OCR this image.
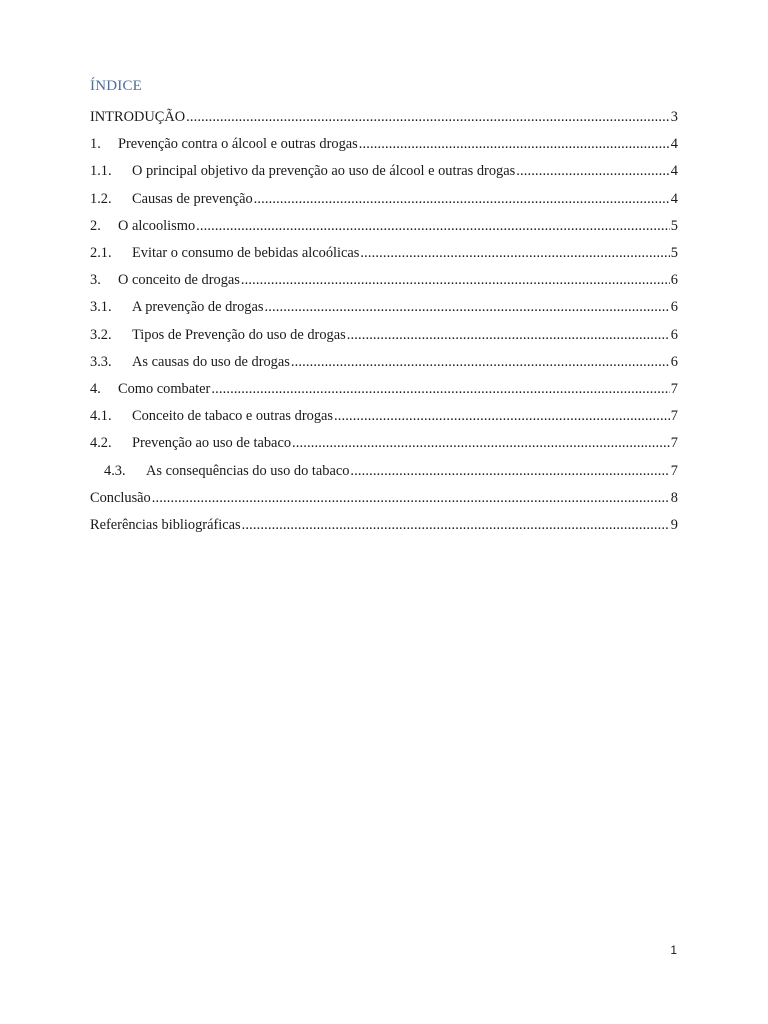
ÍNDICE
INTRODUÇÃO .....	3
1.	Prevenção contra o álcool e outras drogas .....	4
1.1.	O principal objetivo da prevenção ao uso de álcool e outras drogas .....	4
1.2.	Causas de prevenção .....	4
2.	O alcoolismo .....	5
2.1.	Evitar o consumo de bebidas alcoólicas .....	5
3.	O conceito de drogas .....	6
3.1.	A prevenção de drogas .....	6
3.2.	Tipos de Prevenção do uso de drogas .....	6
3.3.	As causas do uso de drogas .....	6
4.	Como combater .....	7
4.1.	Conceito de tabaco e outras drogas .....	7
4.2.	Prevenção ao uso de tabaco .....	7
4.3.	As consequências do uso do tabaco .....	7
Conclusão .....	8
Referências bibliográficas .....	9
1
